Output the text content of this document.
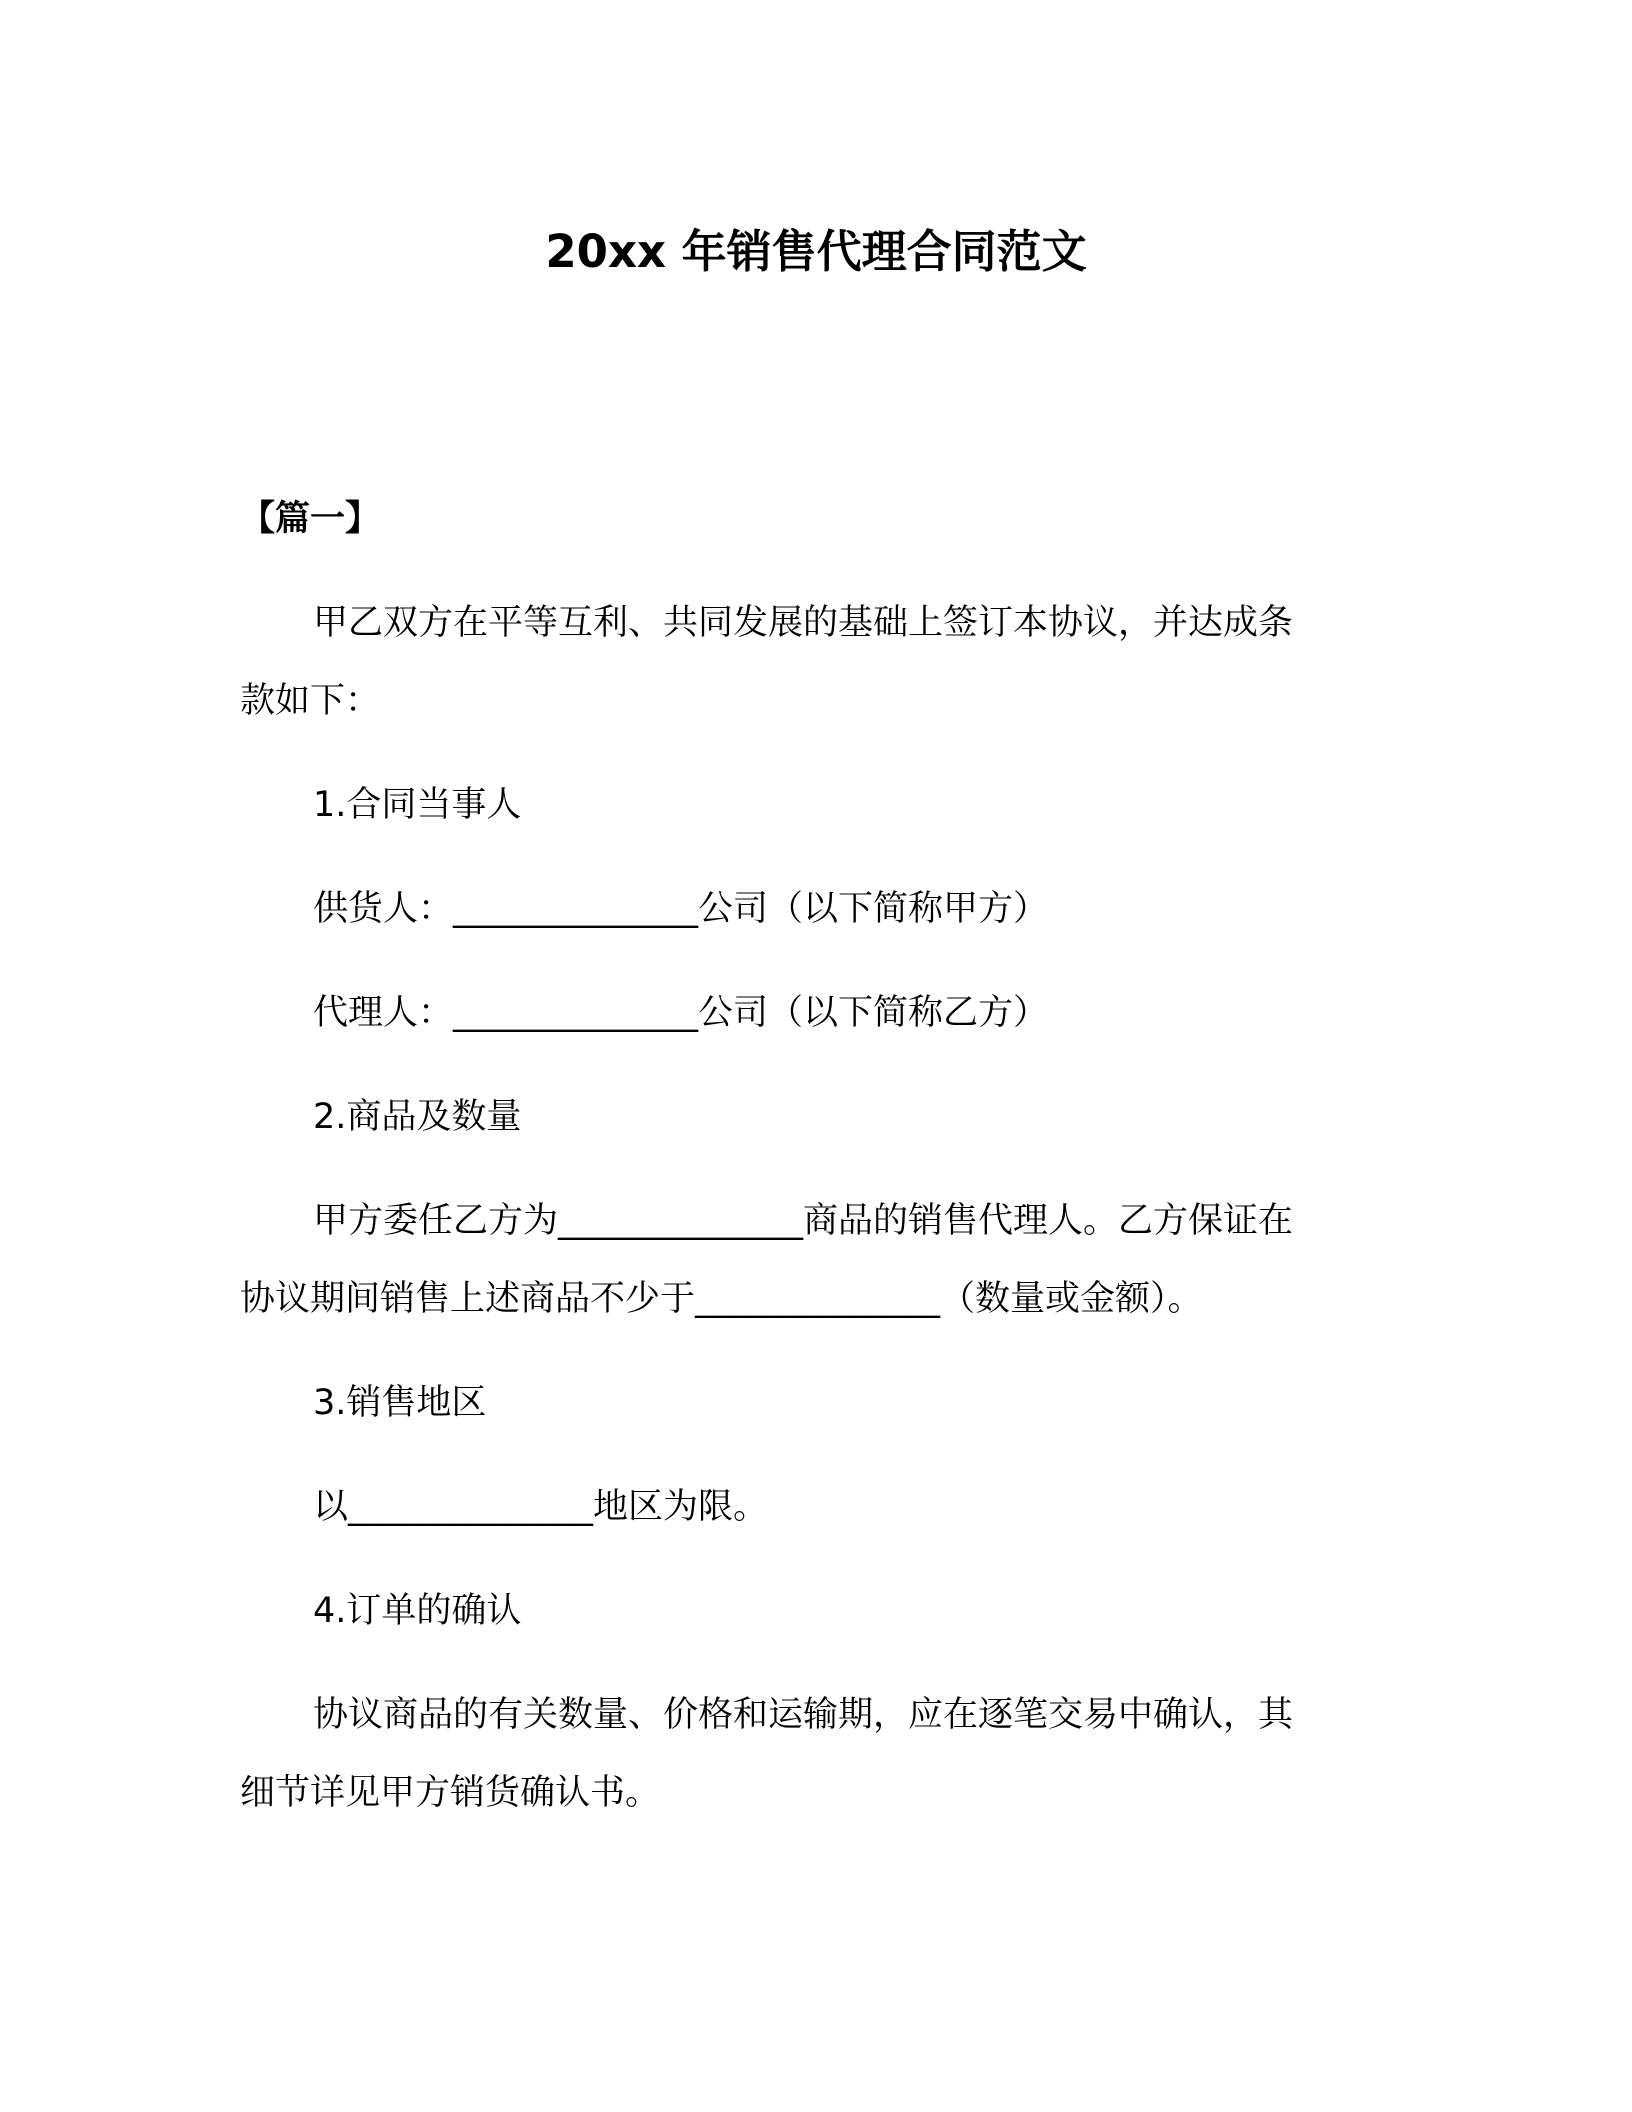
20xx 年销售代理合同范文
【篇一】
甲乙双方在平等互利、共同发展的基础上签订本协议，并达成条
款如下：
1.合同当事人
供货人：______________公司（以下简称甲方）
代理人：______________公司（以下简称乙方）
2.商品及数量
甲方委任乙方为______________商品的销售代理人。乙方保证在
协议期间销售上述商品不少于______________（数量或金额）。
3.销售地区
以______________地区为限。
4.订单的确认
协议商品的有关数量、价格和运输期，应在逐笔交易中确认，其
细节详见甲方销货确认书。
